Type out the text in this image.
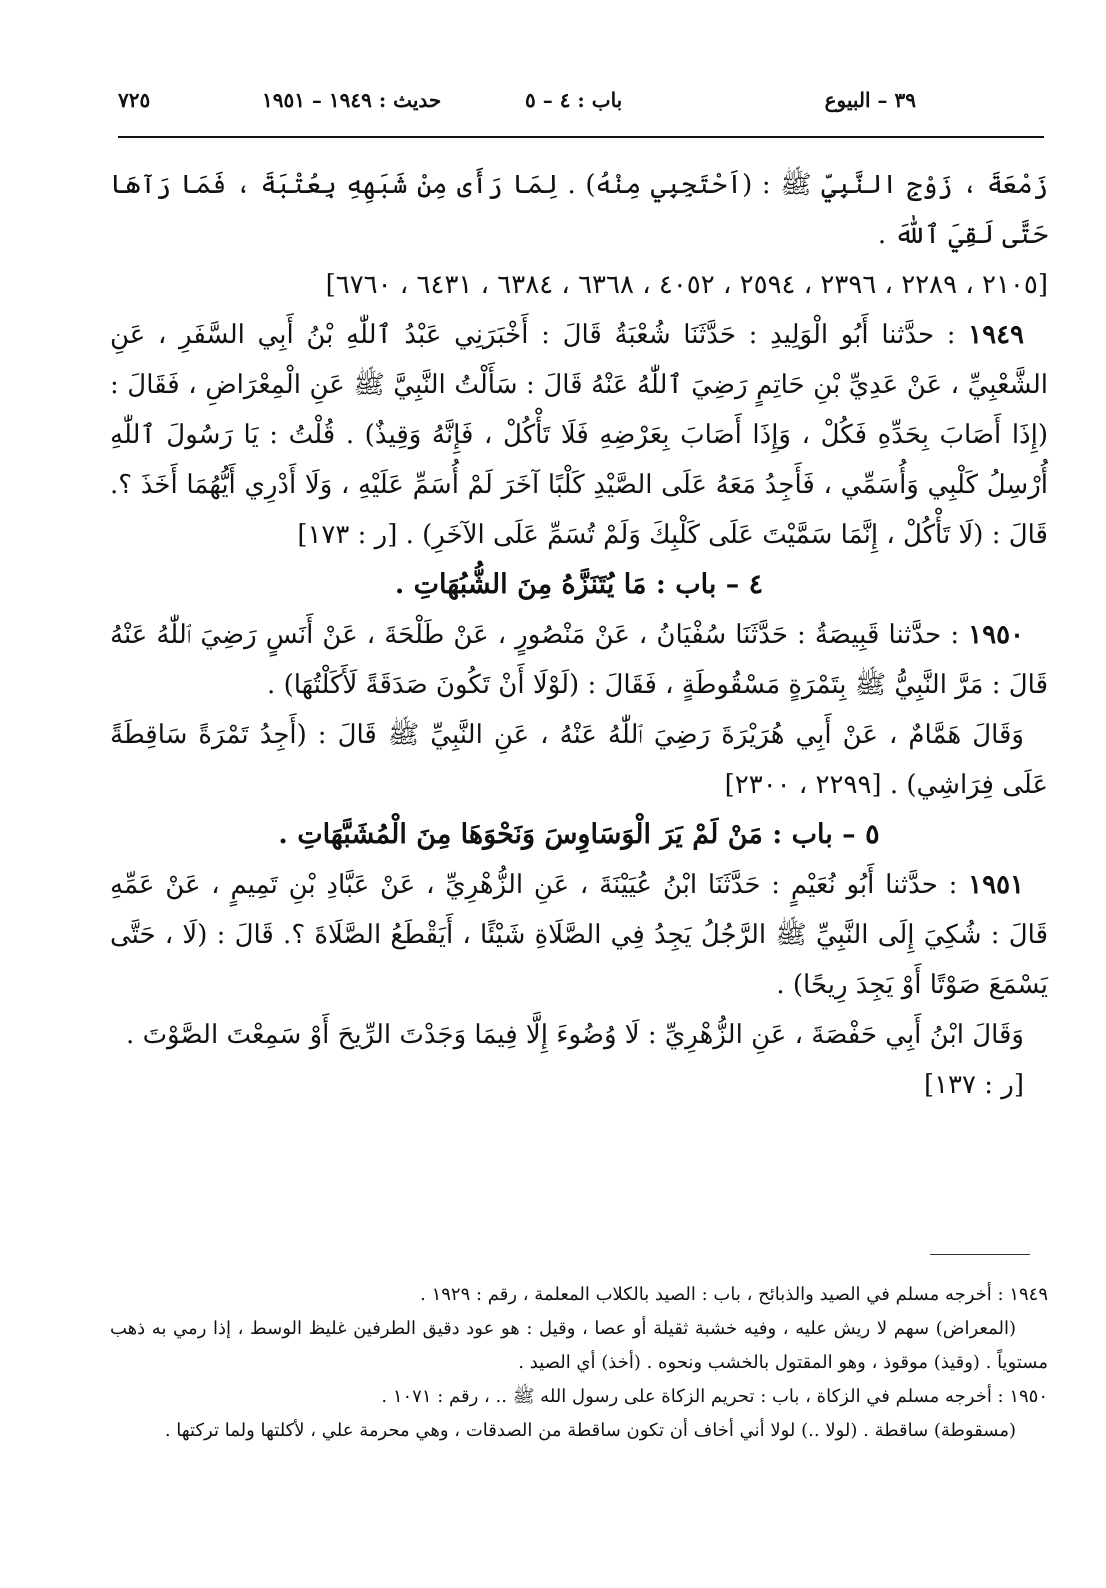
٣٩ – البيوع
باب : ٤ – ٥
حديث : ١٩٤٩ – ١٩٥١
٧٢٥

زَمْعَةَ ، زَوْجِ النَّبِيِّ ﷺ : (اَحْتَجِبِي مِنْهُ) . لِمَا رَأَى مِنْ شَبَهِهِ بِعُتْبَةَ ، فَمَا رَآهَا حَتَّى لَقِيَ ٱللّٰهَ .

[٢١٠٥ ، ٢٢٨٩ ، ٢٣٩٦ ، ٢٥٩٤ ، ٤٠٥٢ ، ٦٣٦٨ ، ٦٣٨٤ ، ٦٤٣١ ، ٦٧٦٠]

١٩٤٩ : حدَّثنا أَبُو الْوَلِيدِ : حَدَّثَنَا شُعْبَةُ قَالَ : أَخْبَرَنِي عَبْدُ ٱللّٰهِ بْنُ أَبِي السَّفَرِ ، عَنِ الشَّعْبِيِّ ، عَنْ عَدِيِّ بْنِ حَاتِمٍ رَضِيَ ٱللّٰهُ عَنْهُ قَالَ : سَأَلْتُ النَّبِيَّ ﷺ عَنِ الْمِعْرَاضِ ، فَقَالَ : (إِذَا أَصَابَ بِحَدِّهِ فَكُلْ ، وَإِذَا أَصَابَ بِعَرْضِهِ فَلَا تَأْكُلْ ، فَإِنَّهُ وَقِيذٌ) . قُلْتُ : يَا رَسُولَ ٱللّٰهِ أُرْسِلُ كَلْبِي وَأُسَمِّي ، فَأَجِدُ مَعَهُ عَلَى الصَّيْدِ كَلْبًا آخَرَ لَمْ أُسَمِّ عَلَيْهِ ، وَلَا أَدْرِي أَيُّهُمَا أَخَذَ ؟. قَالَ : (لَا تَأْكُلْ ، إِنَّمَا سَمَّيْتَ عَلَى كَلْبِكَ وَلَمْ تُسَمِّ عَلَى الآخَرِ) . [ر : ١٧٣]

٤ – باب : مَا يُتَنَزَّهُ مِنَ الشُّبُهَاتِ .

١٩٥٠ : حدَّثنا قَبِيصَةُ : حَدَّثَنَا سُفْيَانُ ، عَنْ مَنْصُورٍ ، عَنْ طَلْحَةَ ، عَنْ أَنَسٍ رَضِيَ ٱللّٰهُ عَنْهُ قَالَ : مَرَّ النَّبِيُّ ﷺ بِتَمْرَةٍ مَسْقُوطَةٍ ، فَقَالَ : (لَوْلَا أَنْ تَكُونَ صَدَقَةً لَأَكَلْتُهَا) .

وَقَالَ هَمَّامٌ ، عَنْ أَبِي هُرَيْرَةَ رَضِيَ ٱللّٰهُ عَنْهُ ، عَنِ النَّبِيِّ ﷺ قَالَ : (أَجِدُ تَمْرَةً سَاقِطَةً عَلَى فِرَاشِي) . [٢٢٩٩ ، ٢٣٠٠]

٥ – باب : مَنْ لَمْ يَرَ الْوَسَاوِسَ وَنَحْوَهَا مِنَ الْمُشَبَّهَاتِ .

١٩٥١ : حدَّثنا أَبُو نُعَيْمٍ : حَدَّثَنَا ابْنُ عُيَيْنَةَ ، عَنِ الزُّهْرِيِّ ، عَنْ عَبَّادِ بْنِ تَمِيمٍ ، عَنْ عَمِّهِ قَالَ : شُكِيَ إِلَى النَّبِيِّ ﷺ الرَّجُلُ يَجِدُ فِي الصَّلَاةِ شَيْئًا ، أَيَقْطَعُ الصَّلَاةَ ؟. قَالَ : (لَا ، حَتَّى يَسْمَعَ صَوْتًا أَوْ يَجِدَ رِيحًا) .

وَقَالَ ابْنُ أَبِي حَفْصَةَ ، عَنِ الزُّهْرِيِّ : لَا وُضُوءَ إِلَّا فِيمَا وَجَدْتَ الرِّيحَ أَوْ سَمِعْتَ الصَّوْتَ .

[ر : ١٣٧]

١٩٤٩ : أخرجه مسلم في الصيد والذبائح ، باب : الصيد بالكلاب المعلمة ، رقم : ١٩٢٩ .

(المعراض) سهم لا ريش عليه ، وفيه خشبة ثقيلة أو عصا ، وقيل : هو عود دقيق الطرفين غليظ الوسط ، إذا رمي به ذهب مستوياً . (وقيذ) موقوذ ، وهو المقتول بالخشب ونحوه . (أخذ) أي الصيد .

١٩٥٠ : أخرجه مسلم في الزكاة ، باب : تحريم الزكاة على رسول الله ﷺ .. ، رقم : ١٠٧١ .

(مسقوطة) ساقطة . (لولا ..) لولا أني أخاف أن تكون ساقطة من الصدقات ، وهي محرمة علي ، لأكلتها ولما تركتها .
